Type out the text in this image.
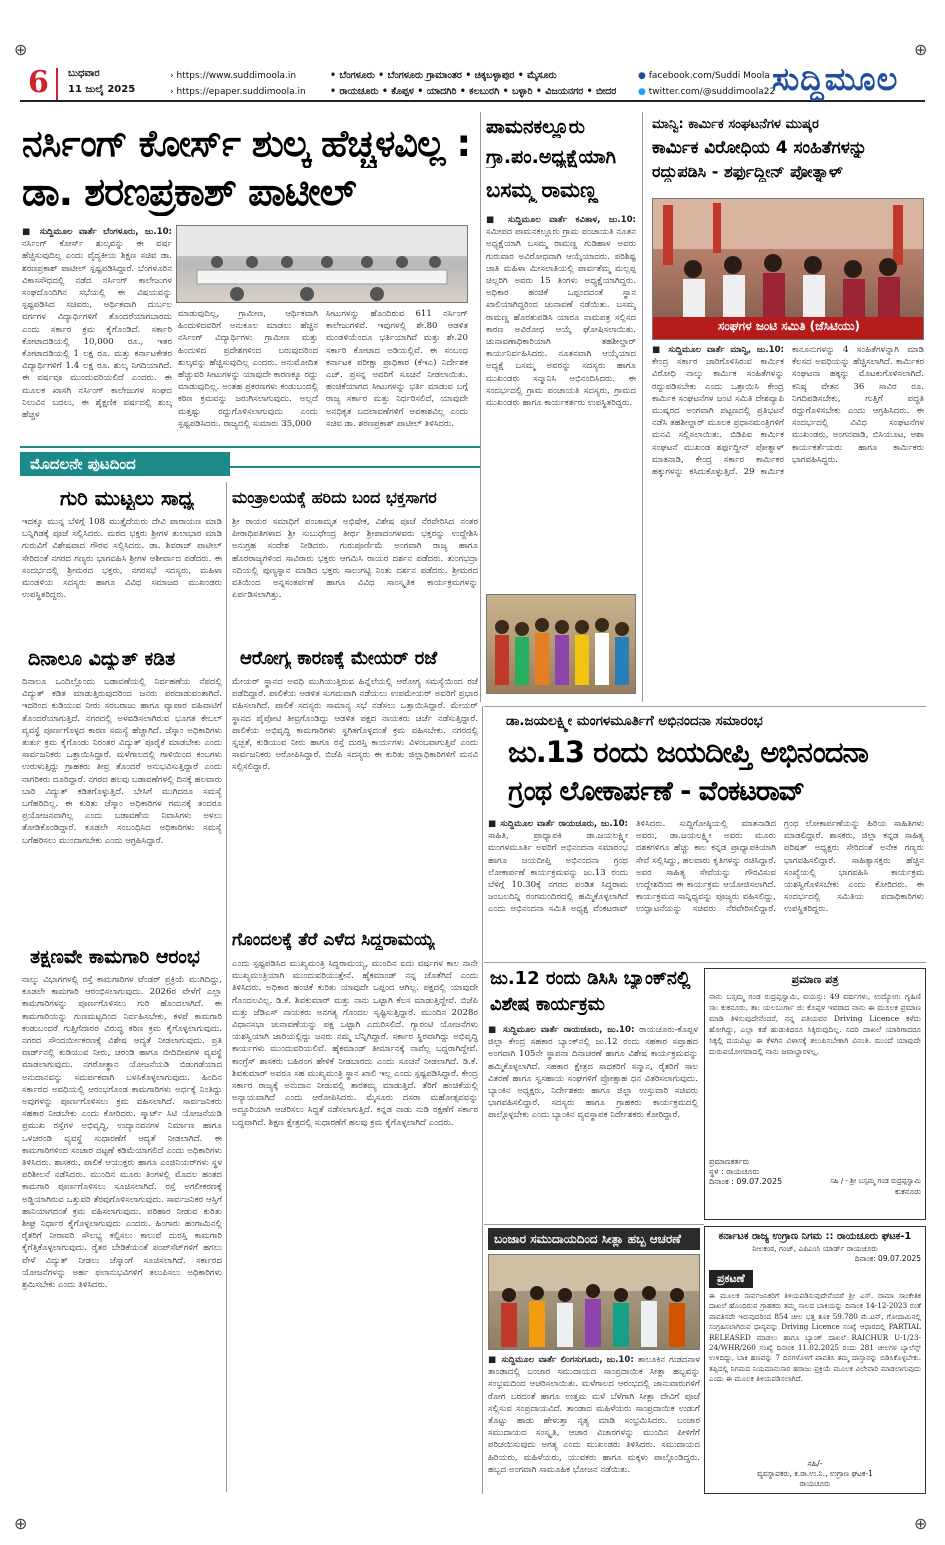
⊕	⊕
⊕	⊕
6 ಬುಧವಾರ
11 ಜುಲೈ 2025
› https://www.suddimoola.in
› https://epaper.suddimoola.in
• ಬೆಂಗಳೂರು • ಬೆಂಗಳೂರು ಗ್ರಾಮಾಂತರ • ಚಿಕ್ಕಬಳ್ಳಾಪುರ • ಮೈಸೂರು
• ರಾಯಚೂರು • ಕೊಪ್ಪಳ • ಯಾದಗಿರಿ • ಕಲಬುರಗಿ • ಬಳ್ಳಾರಿ • ವಿಜಯನಗರ • ಬೀದರ
● facebook.com/Suddi Moola
● twitter.com/@suddimoola22
ಸುದ್ದಿಮೂಲ
ನರ್ಸಿಂಗ್ ಕೋರ್ಸ್ ಶುಲ್ಕ ಹೆಚ್ಚಳವಿಲ್ಲ :
ಡಾ. ಶರಣಪ್ರಕಾಶ್ ಪಾಟೀಲ್
■ ಸುದ್ದಿಮೂಲ ವಾರ್ತೆ ಬೆಂಗಳೂರು, ಜು.10: ನರ್ಸಿಂಗ್ ಕೋರ್ಸ್ ಶುಲ್ಕವನ್ನು ಈ ವರ್ಷ ಹೆಚ್ಚಿಸುವುದಿಲ್ಲ ಎಂದು ವೈದ್ಯಕೀಯ ಶಿಕ್ಷಣ ಸಚಿವ ಡಾ. ಶರಣಪ್ರಕಾಶ್ ಪಾಟೀಲ್ ಸ್ಪಷ್ಟಪಡಿಸಿದ್ದಾರೆ. ಬೆಂಗಳೂರಿನ ವಿಕಾಸಸೌಧದಲ್ಲಿ ನಡೆದ ನರ್ಸಿಂಗ್ ಕಾಲೇಜುಗಳ ಸಂಘದೊಂದಿಗಿನ ಸಭೆಯಲ್ಲಿ ಈ ವಿಷಯವನ್ನು ಸ್ಪಷ್ಟಪಡಿಸಿದ ಸಚಿವರು, ಆರ್ಥಿಕವಾಗಿ ದುರ್ಬಲ ವರ್ಗಗಳ ವಿದ್ಯಾರ್ಥಿಗಳಿಗೆ ತೊಂದರೆಯಾಗಬಾರದು ಎಂದು ಸರ್ಕಾರ ಕ್ರಮ ಕೈಗೊಂಡಿದೆ. ಸರ್ಕಾರಿ ಕೋಟಾದಡಿಯಲ್ಲಿ 10,000 ರೂ., ಇತರ ಕೋಟಾದಡಿಯಲ್ಲಿ 1 ಲಕ್ಷ ರೂ. ಮತ್ತು ಕರ್ನಾಟಕೇತರ ವಿದ್ಯಾರ್ಥಿಗಳಿಗೆ 1.4 ಲಕ್ಷ ರೂ. ಶುಲ್ಕ ನಿಗದಿಯಾಗಿದೆ. ಈ ವರ್ಷವೂ ಮುಂದುವರಿಯಲಿದೆ ಎಂದರು. ಈ ಮೂಲಕ ಖಾಸಗಿ ನರ್ಸಿಂಗ್ ಕಾಲೇಜುಗಳ ಸಂಘದ ನಿಲುವಿನ ಬದಲು, ಈ ಶೈಕ್ಷಣಿಕ ವರ್ಷದಲ್ಲಿ ಶುಲ್ಕ ಹೆಚ್ಚಳ
ಮಾಡುವುದಿಲ್ಲ, ಗ್ರಾಮೀಣ, ಆರ್ಥಿಕವಾಗಿ ಹಿಂದುಳಿದವರಿಗೆ ಅನುಕೂಲ ಮಾಡಲು ಹೆಚ್ಚಿನ ನರ್ಸಿಂಗ್ ವಿದ್ಯಾರ್ಥಿಗಳು ಗ್ರಾಮೀಣ ಮತ್ತು ಹಿಂದುಳಿದ ಪ್ರದೇಶಗಳಿಂದ ಬರುವುದರಿಂದ ಶುಲ್ಕವನ್ನು ಹೆಚ್ಚಿಸುವುದಿಲ್ಲ ಎಂದರು. ಅನುಮೋದಿತ ಹೆಚ್ಚುವರಿ ಸೀಟುಗಳನ್ನು ಯಾವುದೇ ಕಾರಣಕ್ಕೂ ರದ್ದು ಮಾಡುವುದಿಲ್ಲ. ಅಂತಹ ಪ್ರಕರಣಗಳು ಕಂಡುಬಂದಲ್ಲಿ ಕಠಿಣ ಕ್ರಮವನ್ನು ಜರುಗಿಸಲಾಗುವುದು. ಅಲ್ಲದೆ ಮತ್ತಷ್ಟು ರದ್ದುಗೊಳಿಸಲಾಗುವುದು ಎಂದು ಸ್ಪಷ್ಟಪಡಿಸಿದರು. ರಾಜ್ಯದಲ್ಲಿ ಸುಮಾರು 35,000
ಸೀಟುಗಳನ್ನು ಹೊಂದಿರುವ 611 ನರ್ಸಿಂಗ್ ಕಾಲೇಜುಗಳಿವೆ. ಇವುಗಳಲ್ಲಿ ಶೇ.80 ಆಡಳಿತ ಮಂಡಳಿಯೆಂದೂ ಭರ್ತಿಯಾಗಿವೆ ಮತ್ತು ಶೇ.20 ಸರ್ಕಾರಿ ಕೋಟಾದ ಅಡಿಯಲ್ಲಿವೆ. ಈ ಸಂಬಂಧ ಕರ್ನಾಟಕ ಪರೀಕ್ಷಾ ಪ್ರಾಧಿಕಾರ (ಕೆಇಎ) ನಿರ್ದೇಶಕ ಎಚ್. ಪ್ರಸನ್ನ ಅವರಿಗೆ ಸೂಚನೆ ನೀಡಲಾಯಿತು. ಹಂಚಿಕೆಯಾಗದ ಸೀಟುಗಳನ್ನು ಭರ್ತಿ ಮಾಡುವ ಬಗ್ಗೆ ರಾಜ್ಯ ಸರ್ಕಾರ ಮತ್ತು ನಿರ್ಧರಿಸಲಿದೆ, ಯಾವುದೇ ಅನಧಿಕೃತ ಬದಲಾವಣೆಗಳಿಗೆ ಅವಕಾಶವಿಲ್ಲ ಎಂದು ಸಚಿವ ಡಾ. ಶರಣಪ್ರಕಾಶ್ ಪಾಟೀಲ್ ತಿಳಿಸಿದರು.
ಪಾಮನಕಲ್ಲೂರು
ಗ್ರಾ.ಪಂ.ಅಧ್ಯಕ್ಷೆಯಾಗಿ
ಬಸಮ್ಮ ರಾಮಣ್ಣ
■ ಸುದ್ದಿಮೂಲ ವಾರ್ತೆ ಕವಿತಾಳ, ಜು.10: ಸಮೀಪದ ಪಾಮನಕಲ್ಲೂರು ಗ್ರಾಮ ಪಂಚಾಯತಿ ನೂತನ ಅಧ್ಯಕ್ಷೆಯಾಗಿ ಬಸಮ್ಮ ರಾಮಣ್ಣ ಗುಡಿಹಾಳ ಅವರು ಗುರುವಾರ ಅವಿರೋಧವಾಗಿ ಆಯ್ಕೆಯಾದರು. ಪರಿಶಿಷ್ಟ ಜಾತಿ ಮಹಿಳಾ ಮೀಸಲಾತಿಯಲ್ಲಿ ಪಾರ್ವತೆಮ್ಮ ಮಲ್ಲಪ್ಪ ಚಿಲ್ಲರಿಗಿ ಅವರು 15 ತಿಂಗಳು ಅಧ್ಯಕ್ಷೆಯಾಗಿದ್ದರು. ಅಧಿಕಾರ ಹಂಚಿಕೆ ಒಪ್ಪಂದದಂತೆ ಸ್ಥಾನ ಖಾಲಿಯಾಗಿದ್ದರಿಂದ ಚುನಾವಣೆ ನಡೆಯಿತು. ಬಸಮ್ಮ ರಾಮಣ್ಣ ಹೊರತುಪಡಿಸಿ ಯಾರೂ ನಾಮಪತ್ರ ಸಲ್ಲಿಸದ ಕಾರಣ ಅವಿರೋಧ ಆಯ್ಕೆ ಘೋಷಿಸಲಾಯಿತು. ಚುನಾವಣಾಧಿಕಾರಿಯಾಗಿ ತಹಶೀಲ್ದಾರ್ ಕಾರ್ಯನಿರ್ವಹಿಸಿದರು. ನೂತನವಾಗಿ ಆಯ್ಕೆಯಾದ ಅಧ್ಯಕ್ಷೆ ಬಸಮ್ಮ ಅವರನ್ನು ಸದಸ್ಯರು ಹಾಗೂ ಮುಖಂಡರು ಸನ್ಮಾನಿಸಿ ಅಭಿನಂದಿಸಿದರು. ಈ ಸಂದರ್ಭದಲ್ಲಿ ಗ್ರಾಮ ಪಂಚಾಯತಿ ಸದಸ್ಯರು, ಗ್ರಾಮದ ಮುಖಂಡರು ಹಾಗೂ ಕಾರ್ಯಕರ್ತರು ಉಪಸ್ಥಿತರಿದ್ದರು.
ಮಾನ್ವಿ: ಕಾರ್ಮಿಕ ಸಂಘಟನೆಗಳ ಮುಷ್ಕರ
ಕಾರ್ಮಿಕ ವಿರೋಧಿಯ 4 ಸಂಹಿತೆಗಳನ್ನು
ರದ್ದುಪಡಿಸಿ - ಶರ್ಫುದ್ದೀನ್ ಪೋತ್ನಾಳ್
ಸಂಘಗಳ ಜಂಟಿ ಸಮಿತಿ (ಜೆಸಿಟಿಯು)
■ ಸುದ್ದಿಮೂಲ ವಾರ್ತೆ ಮಾನ್ವಿ, ಜು.10: ಕೇಂದ್ರ ಸರ್ಕಾರ ಜಾರಿಗೊಳಿಸಿರುವ ಕಾರ್ಮಿಕ ವಿರೋಧಿ ನಾಲ್ಕು ಕಾರ್ಮಿಕ ಸಂಹಿತೆಗಳನ್ನು ರದ್ದುಪಡಿಸಬೇಕು ಎಂದು ಒತ್ತಾಯಿಸಿ ಕೇಂದ್ರ ಕಾರ್ಮಿಕ ಸಂಘಟನೆಗಳ ಜಂಟಿ ಸಮಿತಿ ದೇಶವ್ಯಾಪಿ ಮುಷ್ಕರದ ಅಂಗವಾಗಿ ಪಟ್ಟಣದಲ್ಲಿ ಪ್ರತಿಭಟನೆ ನಡೆಸಿ ತಹಶೀಲ್ದಾರ್ ಮೂಲಕ ಪ್ರಧಾನಮಂತ್ರಿಗಳಿಗೆ ಮನವಿ ಸಲ್ಲಿಸಲಾಯಿತು. ಬಿಡಿಪಿಐ ಕಾರ್ಮಿಕ ಸಂಘಟನೆ ಮುಖಂಡ ಶರ್ಫುದ್ದೀನ್ ಪೋತ್ನಾಳ್ ಮಾತನಾಡಿ, ಕೇಂದ್ರ ಸರ್ಕಾರ ಕಾರ್ಮಿಕರ ಹಕ್ಕುಗಳನ್ನು ಕಸಿದುಕೊಳ್ಳುತ್ತಿದೆ. 29 ಕಾರ್ಮಿಕ ಕಾನೂನುಗಳನ್ನು 4 ಸಂಹಿತೆಗಳನ್ನಾಗಿ ಮಾಡಿ ಕೆಲಸದ ಅವಧಿಯನ್ನು ಹೆಚ್ಚಿಸಲಾಗಿದೆ. ಕಾರ್ಮಿಕರ ಸಂಘಟನಾ ಹಕ್ಕನ್ನು ಮೊಟಕುಗೊಳಿಸಲಾಗಿದೆ. ಕನಿಷ್ಠ ವೇತನ 36 ಸಾವಿರ ರೂ. ನಿಗದಿಪಡಿಸಬೇಕು, ಗುತ್ತಿಗೆ ಪದ್ಧತಿ ರದ್ದುಗೊಳಿಸಬೇಕು ಎಂದು ಆಗ್ರಹಿಸಿದರು. ಈ ಸಂದರ್ಭದಲ್ಲಿ ವಿವಿಧ ಸಂಘಟನೆಗಳ ಮುಖಂಡರು, ಅಂಗನವಾಡಿ, ಬಿಸಿಯೂಟ, ಆಶಾ ಕಾರ್ಯಕರ್ತೆಯರು ಹಾಗೂ ಕಾರ್ಮಿಕರು ಭಾಗವಹಿಸಿದ್ದರು.
ಮೊದಲನೇ ಪುಟದಿಂದ
ಗುರಿ ಮುಟ್ಟಲು ಸಾಧ್ಯ
ಇದಕ್ಕೂ ಮುನ್ನ ಬೆಳಿಗ್ಗೆ 108 ಮುತ್ತೈದೆಯರು ದೇವಿ ಪಾರಾಯಣ ಮಾಡಿ ಬನ್ನಿಗಿಡಕ್ಕೆ ಪೂಜೆ ಸಲ್ಲಿಸಿದರು. ಮಠದ ಭಕ್ತರು ಶ್ರೀಗಳ ತುಲಾಭಾರ ಮಾಡಿ ಗುರುವಿಗೆ ವಿಶೇಷವಾದ ಗೌರವ ಸಲ್ಲಿಸಿದರು. ಡಾ. ಶಿವರಾಜ್ ಪಾಟೀಲ್ ಸೇರಿದಂತೆ ನಗರದ ಗಣ್ಯರು ಭಾಗವಹಿಸಿ ಶ್ರೀಗಳ ಆಶೀರ್ವಾದ ಪಡೆದರು. ಈ ಸಂದರ್ಭದಲ್ಲಿ ಶ್ರೀಮಠದ ಭಕ್ತರು, ನಗರಸಭೆ ಸದಸ್ಯರು, ಮಹಿಳಾ ಮಂಡಳಿಯ ಸದಸ್ಯರು ಹಾಗೂ ವಿವಿಧ ಸಮಾಜದ ಮುಖಂಡರು ಉಪಸ್ಥಿತರಿದ್ದರು.
ಮಂತ್ರಾಲಯಕ್ಕೆ ಹರಿದು ಬಂದ ಭಕ್ತಸಾಗರ
ಶ್ರೀ ರಾಯರ ಸಮಾಧಿಗೆ ಪಂಚಾಮೃತ ಅಭಿಷೇಕ, ವಿಶೇಷ ಪೂಜೆ ನೆರವೇರಿಸಿದ ನಂತರ ಪೀಠಾಧಿಪತಿಗಳಾದ ಶ್ರೀ ಸುಬುಧೇಂದ್ರ ತೀರ್ಥ ಶ್ರೀಪಾದಂಗಳವರು ಭಕ್ತರನ್ನು ಉದ್ದೇಶಿಸಿ ಅನುಗ್ರಹ ಸಂದೇಶ ನೀಡಿದರು. ಗುರುಪೂರ್ಣಿಮೆ ಅಂಗವಾಗಿ ರಾಜ್ಯ ಹಾಗೂ ಹೊರರಾಜ್ಯಗಳಿಂದ ಸಾವಿರಾರು ಭಕ್ತರು ಆಗಮಿಸಿ ರಾಯರ ದರ್ಶನ ಪಡೆದರು. ತುಂಗಭದ್ರಾ ನದಿಯಲ್ಲಿ ಪುಣ್ಯಸ್ನಾನ ಮಾಡಿದ ಭಕ್ತರು ಸಾಲುಗಟ್ಟಿ ನಿಂತು ದರ್ಶನ ಪಡೆದರು. ಶ್ರೀಮಠದ ವತಿಯಿಂದ ಅನ್ನಸಂತರ್ಪಣೆ ಹಾಗೂ ವಿವಿಧ ಸಾಂಸ್ಕೃತಿಕ ಕಾರ್ಯಕ್ರಮಗಳನ್ನು ಏರ್ಪಡಿಸಲಾಗಿತ್ತು.
ದಿನಾಲೂ ವಿದ್ಯುತ್ ಕಡಿತ
ದಿನಾಲೂ ಒಂದಿಲ್ಲೊಂದು ಬಡಾವಣೆಯಲ್ಲಿ ನಿರ್ವಹಣೆಯ ನೆಪದಲ್ಲಿ ವಿದ್ಯುತ್ ಕಡಿತ ಮಾಡುತ್ತಿರುವುದರಿಂದ ಜನರು ಪರದಾಡುವಂತಾಗಿದೆ. ಇದರಿಂದ ಕುಡಿಯುವ ನೀರು ಸರಬರಾಜು ಹಾಗೂ ವ್ಯಾಪಾರ ವಹಿವಾಟಿಗೆ ತೊಂದರೆಯಾಗುತ್ತಿದೆ. ನಗರದಲ್ಲಿ ಅಳವಡಿಸಲಾಗಿರುವ ಭೂಗತ ಕೇಬಲ್ ವ್ಯವಸ್ಥೆ ಪೂರ್ಣಗೊಳ್ಳದ ಕಾರಣ ಸಮಸ್ಯೆ ಹೆಚ್ಚಾಗಿದೆ. ಜೆಸ್ಕಾಂ ಅಧಿಕಾರಿಗಳು ತುರ್ತು ಕ್ರಮ ಕೈಗೊಂಡು ನಿರಂತರ ವಿದ್ಯುತ್ ಪೂರೈಕೆ ಮಾಡಬೇಕು ಎಂದು ಸಾರ್ವಜನಿಕರು ಒತ್ತಾಯಿಸಿದ್ದಾರೆ. ಮಳೆಗಾಲದಲ್ಲಿ ಗಾಳಿಯಿಂದ ಕಂಬಗಳು ಉರುಳುತ್ತಿದ್ದು ಗ್ರಾಹಕರು ತೀವ್ರ ತೊಂದರೆ ಅನುಭವಿಸುತ್ತಿದ್ದಾರೆ ಎಂದು ನಾಗರಿಕರು ದೂರಿದ್ದಾರೆ. ನಗರದ ಹಲವು ಬಡಾವಣೆಗಳಲ್ಲಿ ದಿನಕ್ಕೆ ಹಲವಾರು ಬಾರಿ ವಿದ್ಯುತ್ ಕಡಿತಗೊಳ್ಳುತ್ತಿದೆ. ಬೇಸಿಗೆ ಮುಗಿದರೂ ಸಮಸ್ಯೆ ಬಗೆಹರಿದಿಲ್ಲ. ಈ ಕುರಿತು ಜೆಸ್ಕಾಂ ಅಧಿಕಾರಿಗಳ ಗಮನಕ್ಕೆ ತಂದರೂ ಪ್ರಯೋಜನವಾಗಿಲ್ಲ ಎಂದು ಬಡಾವಣೆಯ ನಿವಾಸಿಗಳು ಅಳಲು ತೋಡಿಕೊಂಡಿದ್ದಾರೆ. ಕೂಡಲೇ ಸಂಬಂಧಿಸಿದ ಅಧಿಕಾರಿಗಳು ಸಮಸ್ಯೆ ಬಗೆಹರಿಸಲು ಮುಂದಾಗಬೇಕು ಎಂದು ಆಗ್ರಹಿಸಿದ್ದಾರೆ.
ಆರೋಗ್ಯ ಕಾರಣಕ್ಕೆ ಮೇಯರ್ ರಜೆ
ಮೇಯರ್ ಸ್ಥಾನದ ಅವಧಿ ಮುಗಿಯುತ್ತಿರುವ ಹಿನ್ನೆಲೆಯಲ್ಲಿ ಆರೋಗ್ಯ ಸಮಸ್ಯೆಯಿಂದ ರಜೆ ಪಡೆದಿದ್ದಾರೆ. ಪಾಲಿಕೆಯ ಆಡಳಿತ ಸುಗಮವಾಗಿ ನಡೆಯಲು ಉಪಮೇಯರ್ ಅವರಿಗೆ ಪ್ರಭಾರ ವಹಿಸಲಾಗಿದೆ. ಪಾಲಿಕೆ ಸದಸ್ಯರು ಸಾಮಾನ್ಯ ಸಭೆ ನಡೆಸಲು ಒತ್ತಾಯಿಸಿದ್ದಾರೆ. ಮೇಯರ್ ಸ್ಥಾನದ ಪೈಪೋಟಿ ತೀವ್ರಗೊಂಡಿದ್ದು ಆಡಳಿತ ಪಕ್ಷದ ನಾಯಕರು ಚರ್ಚೆ ನಡೆಸುತ್ತಿದ್ದಾರೆ. ಪಾಲಿಕೆಯ ಅಭಿವೃದ್ಧಿ ಕಾಮಗಾರಿಗಳು ಸ್ಥಗಿತಗೊಳ್ಳದಂತೆ ಕ್ರಮ ವಹಿಸಬೇಕು. ನಗರದಲ್ಲಿ ಸ್ವಚ್ಛತೆ, ಕುಡಿಯುವ ನೀರು ಹಾಗೂ ರಸ್ತೆ ದುರಸ್ತಿ ಕಾರ್ಯಗಳು ವಿಳಂಬವಾಗುತ್ತಿವೆ ಎಂದು ಸಾರ್ವಜನಿಕರು ಆರೋಪಿಸಿದ್ದಾರೆ. ಬಿಜೆಪಿ ಸದಸ್ಯರು ಈ ಕುರಿತು ಜಿಲ್ಲಾಧಿಕಾರಿಗಳಿಗೆ ಮನವಿ ಸಲ್ಲಿಸಲಿದ್ದಾರೆ.
ತಕ್ಷಣವೇ ಕಾಮಗಾರಿ ಆರಂಭ
ನಾಲ್ಕು ವಿಭಾಗಗಳಲ್ಲಿ ರಸ್ತೆ ಕಾಮಗಾರಿಗಳ ಟೆಂಡರ್ ಪ್ರಕ್ರಿಯೆ ಮುಗಿದಿದ್ದು, ಕೂಡಲೇ ಕಾಮಗಾರಿ ಆರಂಭಿಸಲಾಗುವುದು. 2026ರ ವೇಳೆಗೆ ಎಲ್ಲಾ ಕಾಮಗಾರಿಗಳನ್ನು ಪೂರ್ಣಗೊಳಿಸಲು ಗುರಿ ಹೊಂದಲಾಗಿದೆ. ಈ ಕಾಮಗಾರಿಯನ್ನು ಗುಣಮಟ್ಟದಿಂದ ನಿರ್ವಹಿಸಬೇಕು, ಕಳಪೆ ಕಾಮಗಾರಿ ಕಂಡುಬಂದರೆ ಗುತ್ತಿಗೆದಾರರ ವಿರುದ್ಧ ಕಠಿಣ ಕ್ರಮ ಕೈಗೊಳ್ಳಲಾಗುವುದು. ನಗರದ ಸೌಂದರ್ಯೀಕರಣಕ್ಕೆ ವಿಶೇಷ ಆದ್ಯತೆ ನೀಡಲಾಗುವುದು. ಪ್ರತಿ ವಾರ್ಡ್‌ನಲ್ಲಿ ಕುಡಿಯುವ ನೀರು, ಚರಂಡಿ ಹಾಗೂ ಬೀದಿದೀಪಗಳ ವ್ಯವಸ್ಥೆ ಮಾಡಲಾಗುವುದು. ನಗರೋತ್ಥಾನ ಯೋಜನೆಯಡಿ ಬಿಡುಗಡೆಯಾದ ಅನುದಾನವನ್ನು ಸಮರ್ಪಕವಾಗಿ ಬಳಸಿಕೊಳ್ಳಲಾಗುವುದು. ಹಿಂದಿನ ಸರ್ಕಾರದ ಅವಧಿಯಲ್ಲಿ ಆರಂಭಗೊಂಡ ಕಾಮಗಾರಿಗಳು ಅರ್ಧಕ್ಕೆ ನಿಂತಿದ್ದು ಅವುಗಳನ್ನು ಪೂರ್ಣಗೊಳಿಸಲು ಕ್ರಮ ವಹಿಸಲಾಗಿದೆ. ಸಾರ್ವಜನಿಕರು ಸಹಕಾರ ನೀಡಬೇಕು ಎಂದು ಕೋರಿದರು. ಸ್ಮಾರ್ಟ್ ಸಿಟಿ ಯೋಜನೆಯಡಿ ಪ್ರಮುಖ ರಸ್ತೆಗಳ ಅಭಿವೃದ್ಧಿ, ಉದ್ಯಾನವನಗಳ ನಿರ್ಮಾಣ ಹಾಗೂ ಒಳಚರಂಡಿ ವ್ಯವಸ್ಥೆ ಸುಧಾರಣೆಗೆ ಆದ್ಯತೆ ನೀಡಲಾಗಿದೆ. ಈ ಕಾಮಗಾರಿಗಳಿಂದ ಸಂಚಾರ ದಟ್ಟಣೆ ಕಡಿಮೆಯಾಗಲಿದೆ ಎಂದು ಅಧಿಕಾರಿಗಳು ತಿಳಿಸಿದರು. ಶಾಸಕರು, ಪಾಲಿಕೆ ಆಯುಕ್ತರು ಹಾಗೂ ಎಂಜಿನಿಯರ್‌ಗಳು ಸ್ಥಳ ಪರಿಶೀಲನೆ ನಡೆಸಿದರು. ಮುಂದಿನ ಮೂರು ತಿಂಗಳಲ್ಲಿ ಮೊದಲ ಹಂತದ ಕಾಮಗಾರಿ ಪೂರ್ಣಗೊಳಿಸಲು ಸೂಚಿಸಲಾಗಿದೆ. ರಸ್ತೆ ಅಗಲೀಕರಣಕ್ಕೆ ಅಡ್ಡಿಯಾಗಿರುವ ಒತ್ತುವರಿ ತೆರವುಗೊಳಿಸಲಾಗುವುದು. ಸಾರ್ವಜನಿಕರ ಆಸ್ತಿಗೆ ಹಾನಿಯಾಗದಂತೆ ಕ್ರಮ ವಹಿಸಲಾಗುವುದು. ಪರಿಹಾರ ನೀಡುವ ಕುರಿತು ಶೀಘ್ರ ನಿರ್ಧಾರ ಕೈಗೊಳ್ಳಲಾಗುವುದು ಎಂದರು. ಹಿಂಗಾರು ಹಂಗಾಮಿನಲ್ಲಿ ರೈತರಿಗೆ ನೀರಾವರಿ ಸೌಲಭ್ಯ ಕಲ್ಪಿಸಲು ಕಾಲುವೆ ದುರಸ್ತಿ ಕಾಮಗಾರಿ ಕೈಗೆತ್ತಿಕೊಳ್ಳಲಾಗುವುದು. ರೈತರ ಬೇಡಿಕೆಯಂತೆ ಪಂಪ್‌ಸೆಟ್‌ಗಳಿಗೆ ಹಗಲು ವೇಳೆ ವಿದ್ಯುತ್ ನೀಡಲು ಜೆಸ್ಕಾಂಗೆ ಸೂಚಿಸಲಾಗಿದೆ. ಸರ್ಕಾರದ ಯೋಜನೆಗಳನ್ನು ಅರ್ಹ ಫಲಾನುಭವಿಗಳಿಗೆ ತಲುಪಿಸಲು ಅಧಿಕಾರಿಗಳು ಶ್ರಮಿಸಬೇಕು ಎಂದು ತಿಳಿಸಿದರು.
ಗೊಂದಲಕ್ಕೆ ತೆರೆ ಎಳೆದ ಸಿದ್ದರಾಮಯ್ಯ
ಎಂದು ಸ್ಪಷ್ಟಪಡಿಸಿದ ಮುಖ್ಯಮಂತ್ರಿ ಸಿದ್ದರಾಮಯ್ಯ, ಮುಂದಿನ ಐದು ವರ್ಷಗಳ ಕಾಲ ನಾನೇ ಮುಖ್ಯಮಂತ್ರಿಯಾಗಿ ಮುಂದುವರಿಯುತ್ತೇನೆ. ಹೈಕಮಾಂಡ್ ನನ್ನ ಜೊತೆಗಿದೆ ಎಂದು ತಿಳಿಸಿದರು. ಅಧಿಕಾರ ಹಂಚಿಕೆ ಕುರಿತು ಯಾವುದೇ ಒಪ್ಪಂದ ಆಗಿಲ್ಲ. ಪಕ್ಷದಲ್ಲಿ ಯಾವುದೇ ಗೊಂದಲವಿಲ್ಲ. ಡಿ.ಕೆ. ಶಿವಕುಮಾರ್ ಮತ್ತು ನಾನು ಒಟ್ಟಾಗಿ ಕೆಲಸ ಮಾಡುತ್ತಿದ್ದೇವೆ. ಬಿಜೆಪಿ ಮತ್ತು ಜೆಡಿಎಸ್ ನಾಯಕರು ಅನಗತ್ಯ ಗೊಂದಲ ಸೃಷ್ಟಿಸುತ್ತಿದ್ದಾರೆ. ಮುಂದಿನ 2028ರ ವಿಧಾನಸಭಾ ಚುನಾವಣೆಯನ್ನು ಪಕ್ಷ ಒಟ್ಟಾಗಿ ಎದುರಿಸಲಿದೆ. ಗ್ಯಾರಂಟಿ ಯೋಜನೆಗಳು ಯಶಸ್ವಿಯಾಗಿ ಜಾರಿಯಲ್ಲಿದ್ದು ಜನರು ನಮ್ಮ ಬೆನ್ನಿಗಿದ್ದಾರೆ. ಸರ್ಕಾರ ಸ್ಥಿರವಾಗಿದ್ದು ಅಭಿವೃದ್ಧಿ ಕಾರ್ಯಗಳು ಮುಂದುವರಿಯಲಿವೆ. ಹೈಕಮಾಂಡ್ ತೀರ್ಮಾನಕ್ಕೆ ನಾವೆಲ್ಲ ಬದ್ಧರಾಗಿದ್ದೇವೆ. ಕಾಂಗ್ರೆಸ್ ಶಾಸಕರು ಬಹಿರಂಗ ಹೇಳಿಕೆ ನೀಡಬಾರದು ಎಂದು ಸೂಚನೆ ನೀಡಲಾಗಿದೆ. ಡಿ.ಕೆ. ಶಿವಕುಮಾರ್ ಅವರೂ ಸಹ ಮುಖ್ಯಮಂತ್ರಿ ಸ್ಥಾನ ಖಾಲಿ ಇಲ್ಲ ಎಂದು ಸ್ಪಷ್ಟಪಡಿಸಿದ್ದಾರೆ. ಕೇಂದ್ರ ಸರ್ಕಾರ ರಾಜ್ಯಕ್ಕೆ ಅನುದಾನ ನೀಡುವಲ್ಲಿ ತಾರತಮ್ಯ ಮಾಡುತ್ತಿದೆ. ತೆರಿಗೆ ಹಂಚಿಕೆಯಲ್ಲಿ ಅನ್ಯಾಯವಾಗಿದೆ ಎಂದು ಆರೋಪಿಸಿದರು. ಮೈಸೂರು ದಸರಾ ಮಹೋತ್ಸವವನ್ನು ಅದ್ಧೂರಿಯಾಗಿ ಆಚರಿಸಲು ಸಿದ್ಧತೆ ನಡೆಸಲಾಗುತ್ತಿದೆ. ಕನ್ನಡ ನಾಡು ನುಡಿ ರಕ್ಷಣೆಗೆ ಸರ್ಕಾರ ಬದ್ಧವಾಗಿದೆ. ಶಿಕ್ಷಣ ಕ್ಷೇತ್ರದಲ್ಲಿ ಸುಧಾರಣೆಗೆ ಹಲವು ಕ್ರಮ ಕೈಗೊಳ್ಳಲಾಗಿದೆ ಎಂದರು.
ಡಾ.ಜಯಲಕ್ಷ್ಮೀ ಮಂಗಳಮೂರ್ತಿಗೆ ಅಭಿನಂದನಾ ಸಮಾರಂಭ
ಜು.13 ರಂದು ಜಯದೀಪ್ತಿ ಅಭಿನಂದನಾ
ಗ್ರಂಥ ಲೋಕಾರ್ಪಣೆ - ವೆಂಕಟರಾವ್
■ ಸುದ್ದಿಮೂಲ ವಾರ್ತೆ ರಾಯಚೂರು, ಜು.10: ಸಾಹಿತಿ, ಪ್ರಾಧ್ಯಾಪಕಿ ಡಾ.ಜಯಲಕ್ಷ್ಮೀ ಮಂಗಳಮೂರ್ತಿ ಅವರಿಗೆ ಅಭಿನಂದನಾ ಸಮಾರಂಭ ಹಾಗೂ ಜಯದೀಪ್ತಿ ಅಭಿನಂದನಾ ಗ್ರಂಥ ಲೋಕಾರ್ಪಣೆ ಕಾರ್ಯಕ್ರಮವನ್ನು ಜು.13 ರಂದು ಬೆಳಿಗ್ಗೆ 10.30ಕ್ಕೆ ನಗರದ ಪಂಡಿತ ಸಿದ್ದರಾಮ ಜಂಬಲದಿನ್ನಿ ರಂಗಮಂದಿರದಲ್ಲಿ ಹಮ್ಮಿಕೊಳ್ಳಲಾಗಿದೆ ಎಂದು ಅಭಿನಂದನಾ ಸಮಿತಿ ಅಧ್ಯಕ್ಷ ವೆಂಕಟರಾವ್ ತಿಳಿಸಿದರು. ಸುದ್ದಿಗೋಷ್ಠಿಯಲ್ಲಿ ಮಾತನಾಡಿದ ಅವರು, ಡಾ.ಜಯಲಕ್ಷ್ಮೀ ಅವರು ಮೂರು ದಶಕಗಳಿಗೂ ಹೆಚ್ಚು ಕಾಲ ಕನ್ನಡ ಪ್ರಾಧ್ಯಾಪಕಿಯಾಗಿ ಸೇವೆ ಸಲ್ಲಿಸಿದ್ದು, ಹಲವಾರು ಕೃತಿಗಳನ್ನು ರಚಿಸಿದ್ದಾರೆ. ಅವರ ಸಾಹಿತ್ಯ ಸೇವೆಯನ್ನು ಗೌರವಿಸುವ ಉದ್ದೇಶದಿಂದ ಈ ಕಾರ್ಯಕ್ರಮ ಆಯೋಜಿಸಲಾಗಿದೆ. ಕಾರ್ಯಕ್ರಮದ ಸಾನ್ನಿಧ್ಯವನ್ನು ಪೂಜ್ಯರು ವಹಿಸಲಿದ್ದು, ಉದ್ಘಾಟನೆಯನ್ನು ಸಚಿವರು ನೆರವೇರಿಸಲಿದ್ದಾರೆ. ಗ್ರಂಥ ಲೋಕಾರ್ಪಣೆಯನ್ನು ಹಿರಿಯ ಸಾಹಿತಿಗಳು ಮಾಡಲಿದ್ದಾರೆ. ಶಾಸಕರು, ಜಿಲ್ಲಾ ಕನ್ನಡ ಸಾಹಿತ್ಯ ಪರಿಷತ್ ಅಧ್ಯಕ್ಷರು ಸೇರಿದಂತೆ ಅನೇಕ ಗಣ್ಯರು ಭಾಗವಹಿಸಲಿದ್ದಾರೆ. ಸಾಹಿತ್ಯಾಸಕ್ತರು ಹೆಚ್ಚಿನ ಸಂಖ್ಯೆಯಲ್ಲಿ ಭಾಗವಹಿಸಿ ಕಾರ್ಯಕ್ರಮ ಯಶಸ್ವಿಗೊಳಿಸಬೇಕು ಎಂದು ಕೋರಿದರು. ಈ ಸಂದರ್ಭದಲ್ಲಿ ಸಮಿತಿಯ ಪದಾಧಿಕಾರಿಗಳು ಉಪಸ್ಥಿತರಿದ್ದರು.
ಜು.12 ರಂದು ಡಿಸಿಸಿ ಬ್ಯಾಂಕ್‌ನಲ್ಲಿ
ವಿಶೇಷ ಕಾರ್ಯಕ್ರಮ
■ ಸುದ್ದಿಮೂಲ ವಾರ್ತೆ ರಾಯಚೂರು, ಜು.10: ರಾಯಚೂರು-ಕೊಪ್ಪಳ ಜಿಲ್ಲಾ ಕೇಂದ್ರ ಸಹಕಾರ ಬ್ಯಾಂಕ್‌ನಲ್ಲಿ ಜು.12 ರಂದು ಸಹಕಾರ ಸಪ್ತಾಹದ ಅಂಗವಾಗಿ 105ನೇ ಸ್ಥಾಪನಾ ದಿನಾಚರಣೆ ಹಾಗೂ ವಿಶೇಷ ಕಾರ್ಯಕ್ರಮವನ್ನು ಹಮ್ಮಿಕೊಳ್ಳಲಾಗಿದೆ. ಸಹಕಾರ ಕ್ಷೇತ್ರದ ಸಾಧಕರಿಗೆ ಸನ್ಮಾನ, ರೈತರಿಗೆ ಸಾಲ ವಿತರಣೆ ಹಾಗೂ ಸ್ವಸಹಾಯ ಸಂಘಗಳಿಗೆ ಪ್ರೋತ್ಸಾಹ ಧನ ವಿತರಿಸಲಾಗುವುದು. ಬ್ಯಾಂಕಿನ ಅಧ್ಯಕ್ಷರು, ನಿರ್ದೇಶಕರು ಹಾಗೂ ಜಿಲ್ಲಾ ಉಸ್ತುವಾರಿ ಸಚಿವರು ಭಾಗವಹಿಸಲಿದ್ದಾರೆ. ಸದಸ್ಯರು ಹಾಗೂ ಗ್ರಾಹಕರು ಕಾರ್ಯಕ್ರಮದಲ್ಲಿ ಪಾಲ್ಗೊಳ್ಳಬೇಕು ಎಂದು ಬ್ಯಾಂಕಿನ ವ್ಯವಸ್ಥಾಪಕ ನಿರ್ದೇಶಕರು ಕೋರಿದ್ದಾರೆ.
ಪ್ರಮಾಣ ಪತ್ರ
ನಾನು ಬಸ್ಸಮ್ಮ ಗಂಡ ರುದ್ರಪ್ಪಸ್ವಾಮಿ, ವಯಸ್ಸು: 49 ವರ್ಷಗಳು, ಉದ್ಯೋಗ: ಗೃಹಿಣಿ ಸಾ: ಕುಕನೂರು, ತಾ: ಯಲಬುರ್ಗಾ ಜಿ: ಕೊಪ್ಪಳ ಇವರಾದ ನಾನು ಈ ಮೂಲಕ ಪ್ರಮಾಣ ಮಾಡಿ ತಿಳಿಸುವುದೇನೆಂದರೆ, ನನ್ನ ಪತಿಯವರ Driving Licence ಕಳೆದು ಹೋಗಿದ್ದು, ಎಲ್ಲಾ ಕಡೆ ಹುಡುಕಿದರೂ ಸಿಕ್ಕಿರುವುದಿಲ್ಲ. ಸದರಿ ದಾಖಲೆ ಯಾರಿಗಾದರೂ ಸಿಕ್ಕಲ್ಲಿ ದಯವಿಟ್ಟು ಈ ಕೆಳಗಿನ ವಿಳಾಸಕ್ಕೆ ತಲುಪಿಸಬೇಕಾಗಿ ವಿನಂತಿ. ಮುಂದೆ ಯಾವುದೇ ದುರುಪಯೋಗವಾದಲ್ಲಿ ನಾನು ಜವಾಬ್ದಾರಳಲ್ಲ.
ಪ್ರಮಾಣಕರ್ತರು
ಸ್ಥಳ : ರಾಯಚೂರು
ದಿನಾಂಕ : 09.07.2025	ಸಹಿ / - ಶ್ರೀ ಬಸ್ಸಮ್ಮ ಗಂಡ ರುದ್ರಪ್ಪಸ್ವಾಮಿ
ಕುಕನೂರು
ಬಂಜಾರ ಸಮುದಾಯದಿಂದ ಸೀತ್ಲಾ ಹಬ್ಬ ಆಚರಣೆ
■ ಸುದ್ದಿಮೂಲ ವಾರ್ತೆ ಲಿಂಗಸುಗೂರು, ಜು.10: ತಾಲೂಕಿನ ಗುಡದನಾಳ ತಾಂಡಾದಲ್ಲಿ ಬಂಜಾರ ಸಮುದಾಯದ ಸಾಂಪ್ರದಾಯಿಕ ಸೀತ್ಲಾ ಹಬ್ಬವನ್ನು ಸಂಭ್ರಮದಿಂದ ಆಚರಿಸಲಾಯಿತು. ಮಳೆಗಾಲದ ಆರಂಭದಲ್ಲಿ ಜಾನುವಾರುಗಳಿಗೆ ರೋಗ ಬರದಂತೆ ಹಾಗೂ ಉತ್ತಮ ಮಳೆ ಬೆಳೆಗಾಗಿ ಸೀತ್ಲಾ ದೇವಿಗೆ ಪೂಜೆ ಸಲ್ಲಿಸುವ ಸಂಪ್ರದಾಯವಿದೆ. ತಾಂಡಾದ ಮಹಿಳೆಯರು ಸಾಂಪ್ರದಾಯಿಕ ಉಡುಗೆ ತೊಟ್ಟು ಹಾಡು ಹೇಳುತ್ತಾ ನೃತ್ಯ ಮಾಡಿ ಸಂಭ್ರಮಿಸಿದರು. ಬಂಜಾರ ಸಮುದಾಯದ ಸಂಸ್ಕೃತಿ, ಆಚಾರ ವಿಚಾರಗಳನ್ನು ಮುಂದಿನ ಪೀಳಿಗೆಗೆ ಪರಿಚಯಿಸುವುದು ಅಗತ್ಯ ಎಂದು ಮುಖಂಡರು ತಿಳಿಸಿದರು. ಸಮುದಾಯದ ಹಿರಿಯರು, ಮಹಿಳೆಯರು, ಯುವಕರು ಹಾಗೂ ಮಕ್ಕಳು ಪಾಲ್ಗೊಂಡಿದ್ದರು. ಹಬ್ಬದ ಅಂಗವಾಗಿ ಸಾಮೂಹಿಕ ಭೋಜನ ನಡೆಯಿತು.
ಕರ್ನಾಟಕ ರಾಜ್ಯ ಉಗ್ರಾಣ ನಿಗಮ :: ರಾಯಚೂರು ಘಟಕ-1
ನೀಲಕಂಠ, ಗಂಜ್, ಎಪಿಎಂಸಿ ಯಾರ್ಡ್ ರಾಯಚೂರು
ದಿನಾಂಕ: 09.07.2025
ಪ್ರಕಟಣೆ
ಈ ಮೂಲಕ ಸಾರ್ವಜನಿಕರಿಗೆ ತಿಳಿಯಪಡಿಸುವುದೇನೆಂದರೆ ಶ್ರೀ ಎಸ್. ರಾಮಾ ಸಾಂಕೇತಿಕ ದಾಖಲೆ ಹೊಂದಿರುವ ಗ್ರಾಹಕರು ತಮ್ಮ ಸಾಲದ ಬಾಕಿಯನ್ನು ದಿನಾಂಕ 14-12-2023 ರಂತೆ ಪಾವತಿಸದೇ ಇರುವುದರಿಂದ 854 ಚೀಲ ಭತ್ತ ತೂಕ 59.780 ಮೆ.ಟನ್, ಗೋದಾಮಿನಲ್ಲಿ ಸಂಗ್ರಹಿಸಲಾಗಿರುವ ಧಾನ್ಯವನ್ನು Driving Licence ಸಂಖ್ಯೆ ಆಧಾರದಲ್ಲಿ PARTIAL RELEASED ಮಾಡಲು ಹಾಗೂ ಬ್ಯಾಂಕ್ ದಾಖಲೆ RAICHUR U-1/23-24/WHR/260 ಸಂಖ್ಯೆ ದಿನಾಂಕ 11.02.2025 ರಂದು 281 ಚೀಲಗಳ ಬ್ಯಾಲೆನ್ಸ್ ಉಳಿದಿದ್ದು, ಬಾಕಿ ಹಣವನ್ನು 7 ದಿನಗಳೊಳಗೆ ಪಾವತಿಸಿ ತಮ್ಮ ದಾಸ್ತಾನನ್ನು ಬಿಡಿಸಿಕೊಳ್ಳಬೇಕು. ತಪ್ಪಿದಲ್ಲಿ ನಿಗಮದ ನಿಯಮಾನುಸಾರ ಹರಾಜು ಪ್ರಕ್ರಿಯೆ ಮೂಲಕ ವಿಲೇವಾರಿ ಮಾಡಲಾಗುವುದು ಎಂದು ಈ ಮೂಲಕ ತಿಳಿಯಪಡಿಸಲಾಗಿದೆ.
ಸಹಿ/-
ವ್ಯವಸ್ಥಾಪಕರು, ಕ.ರಾ.ಉ.ನಿ., ಉಗ್ರಾಣ ಘಟಕ-1
ರಾಯಚೂರು
